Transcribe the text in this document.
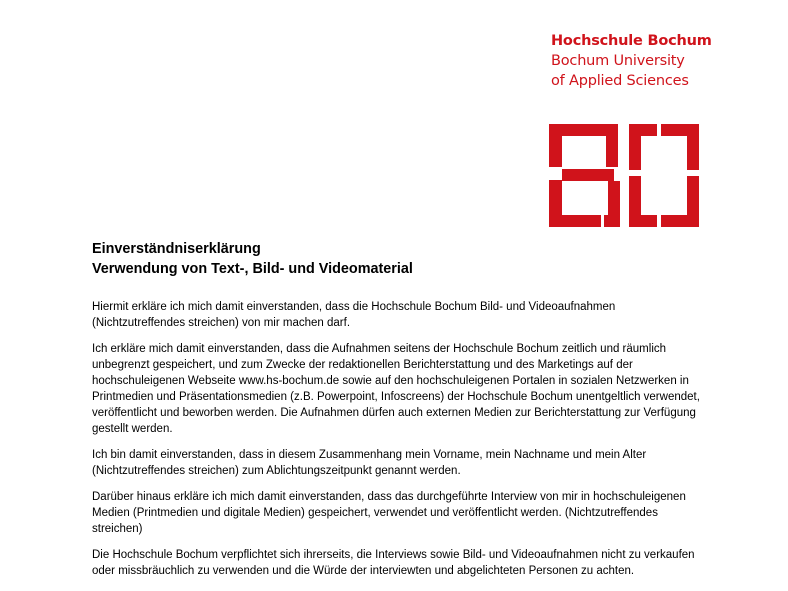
Hochschule Bochum
Bochum University
of Applied Sciences

Einverständniserklärung

Verwendung von Text-, Bild- und Videomaterial

Hiermit erkläre ich mich damit einverstanden, dass die Hochschule Bochum Bild- und Videoaufnahmen (Nichtzutreffendes streichen) von mir machen darf.

Ich erkläre mich damit einverstanden, dass die Aufnahmen seitens der Hochschule Bochum zeitlich und räumlich unbegrenzt gespeichert, und zum Zwecke der redaktionellen Berichterstattung und des Marketings auf der hochschuleigenen Webseite www.hs-bochum.de sowie auf den hochschuleigenen Portalen in sozialen Netzwerken in Printmedien und Präsentationsmedien (z.B. Powerpoint, Infoscreens) der Hochschule Bochum unentgeltlich verwendet, veröffentlicht und beworben werden. Die Aufnahmen dürfen auch externen Medien zur Berichterstattung zur Verfügung gestellt werden.

Ich bin damit einverstanden, dass in diesem Zusammenhang mein Vorname, mein Nachname und mein Alter (Nichtzutreffendes streichen) zum Ablichtungszeitpunkt genannt werden.

Darüber hinaus erkläre ich mich damit einverstanden, dass das durchgeführte Interview von mir in hochschuleigenen Medien (Printmedien und digitale Medien) gespeichert, verwendet und veröffentlicht werden. (Nichtzutreffendes streichen)

Die Hochschule Bochum verpflichtet sich ihrerseits, die Interviews sowie Bild- und Videoaufnahmen nicht zu verkaufen oder missbräuchlich zu verwenden und die Würde der interviewten und abgelichteten Personen zu achten.
